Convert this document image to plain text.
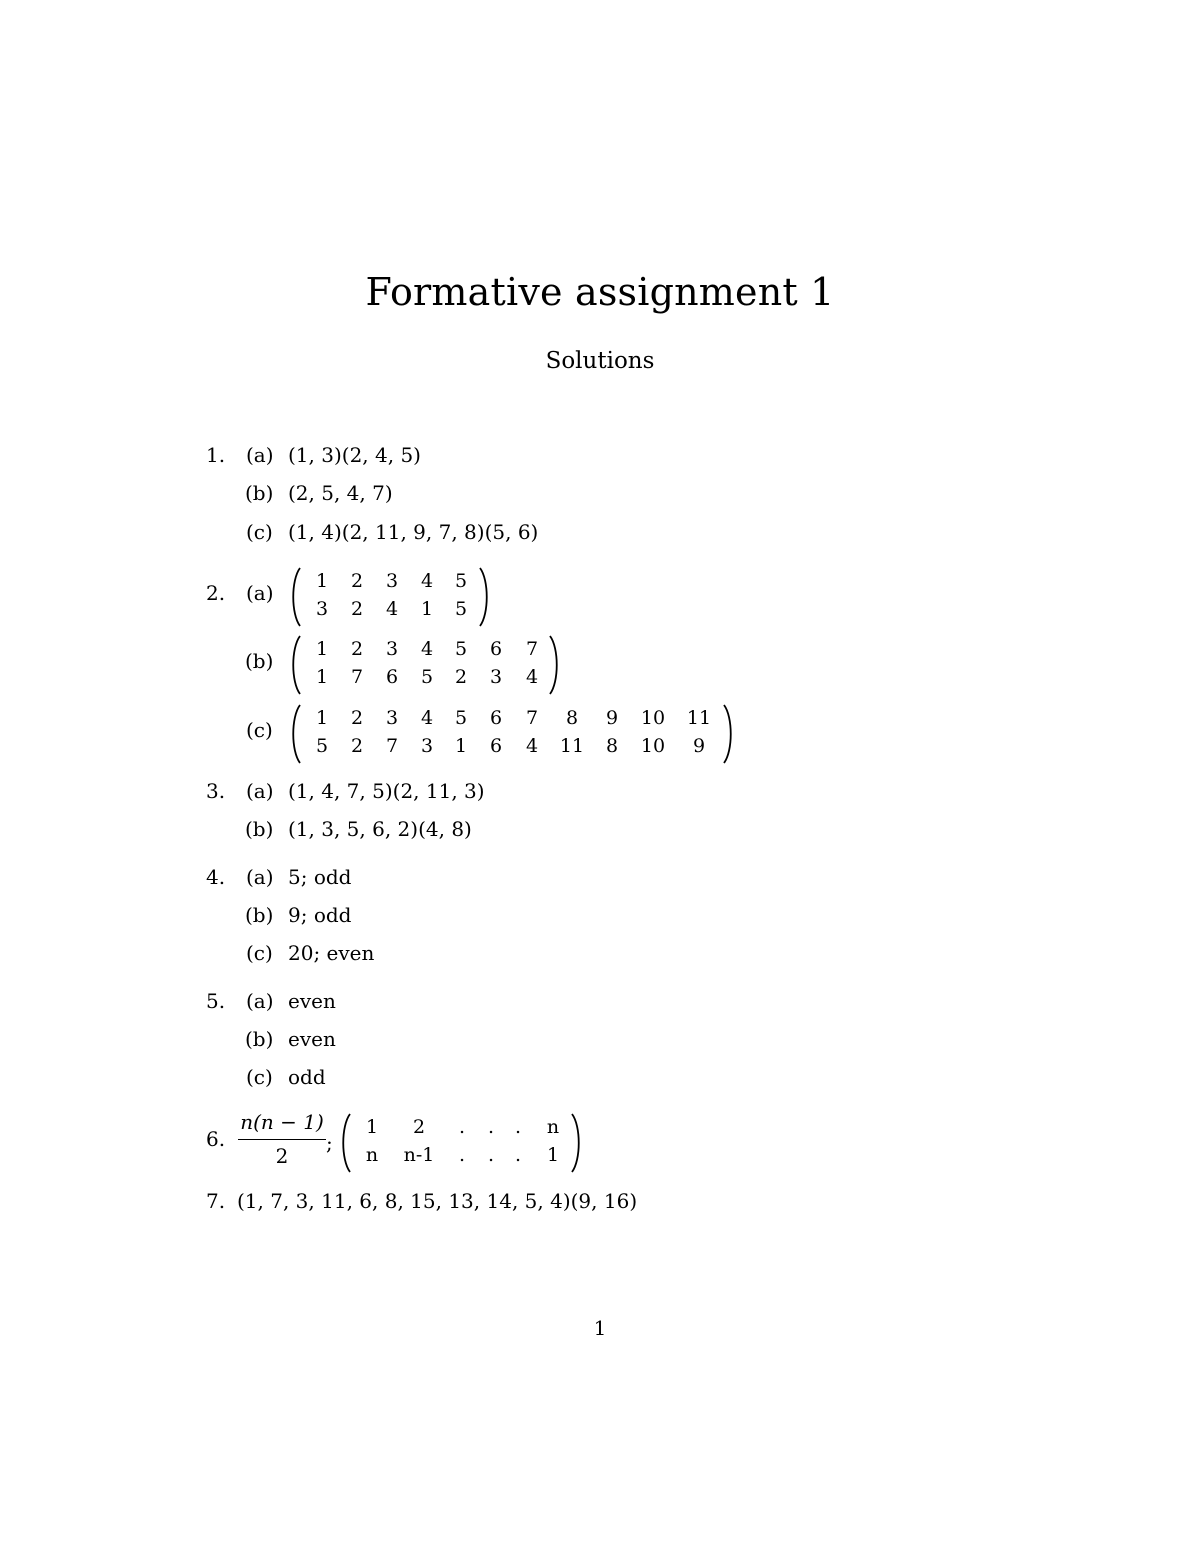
Formative assignment 1
Solutions
1. (a) (1, 3)(2, 4, 5)
(b) (2, 5, 4, 7)
(c) (1, 4)(2, 11, 9, 7, 8)(5, 6)
2. (a)	1	2	3	4	5
3	2	4	1	5
(b)	1	2	3	4	5	6	7
1	7	6	5	2	3	4
(c)	1	2	3	4	5	6	7	8	9	10	11
5	2	7	3	1	6	4	11	8	10	9
3. (a) (1, 4, 7, 5)(2, 11, 3)
(b) (1, 3, 5, 6, 2)(4, 8)
4. (a) 5; odd
(b) 9; odd
(c) 20; even
5. (a) even
(b) even
(c) odd
6.
n(n − 1)
2
;
1	2	.	.	.	n
n	n-1	.	.	.	1
7. (1, 7, 3, 11, 6, 8, 15, 13, 14, 5, 4)(9, 16)
1
